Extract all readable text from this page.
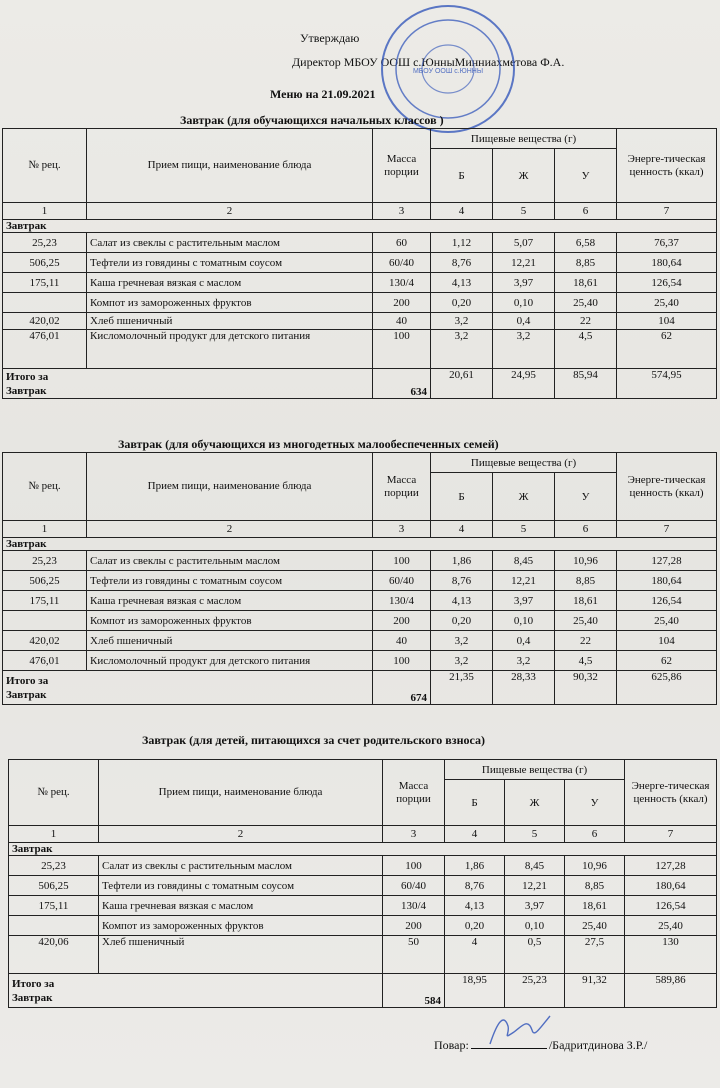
Утверждаю
Директор МБОУ ООШ с.ЮнныМинниахметова Ф.А.
Меню на 21.09.2021
МБОУ ООШ с.ЮННЫ
Завтрак (для обучающихся начальных классов )
№ рец.	Прием пищи, наименование блюда	Масса порции	Пищевые вещества (г)			Энерге-тическая ценность (ккал)
			Б	Ж	У	
1	2	3	4	5	6	7
Завтрак						
25,23	Салат из свеклы с растительным маслом	60	1,12	5,07	6,58	76,37
506,25	Тефтели из говядины с томатным соусом	60/40	8,76	12,21	8,85	180,64
175,11	Каша гречневая вязкая с маслом	130/4	4,13	3,97	18,61	126,54
	Компот из замороженных фруктов	200	0,20	0,10	25,40	25,40
420,02	Хлеб пшеничный	40	3,2	0,4	22	104
476,01	Кисломолочный продукт для детского питания	100	3,2	3,2	4,5	62
Итого за
Завтрак		634	20,61	24,95	85,94	574,95
Завтрак (для обучающихся из многодетных малообеспеченных семей)
№ рец.	Прием пищи, наименование блюда	Масса порции	Пищевые вещества (г)			Энерге-тическая ценность (ккал)
			Б	Ж	У	
1	2	3	4	5	6	7
Завтрак						
25,23	Салат из свеклы с растительным маслом	100	1,86	8,45	10,96	127,28
506,25	Тефтели из говядины с томатным соусом	60/40	8,76	12,21	8,85	180,64
175,11	Каша гречневая вязкая с маслом	130/4	4,13	3,97	18,61	126,54
	Компот из замороженных фруктов	200	0,20	0,10	25,40	25,40
420,02	Хлеб пшеничный	40	3,2	0,4	22	104
476,01	Кисломолочный продукт для детского питания	100	3,2	3,2	4,5	62
Итого за
Завтрак		674	21,35	28,33	90,32	625,86
Завтрак (для детей, питающихся за счет родительского взноса)
№ рец.	Прием пищи, наименование блюда	Масса порции	Пищевые вещества (г)			Энерге-тическая ценность (ккал)
			Б	Ж	У	
1	2	3	4	5	6	7
Завтрак						
25,23	Салат из свеклы с растительным маслом	100	1,86	8,45	10,96	127,28
506,25	Тефтели из говядины с томатным соусом	60/40	8,76	12,21	8,85	180,64
175,11	Каша гречневая вязкая с маслом	130/4	4,13	3,97	18,61	126,54
	Компот из замороженных фруктов	200	0,20	0,10	25,40	25,40
420,06	Хлеб пшеничный	50	4	0,5	27,5	130
Итого за
Завтрак		584	18,95	25,23	91,32	589,86
Повар:	/Бадритдинова З.Р./
